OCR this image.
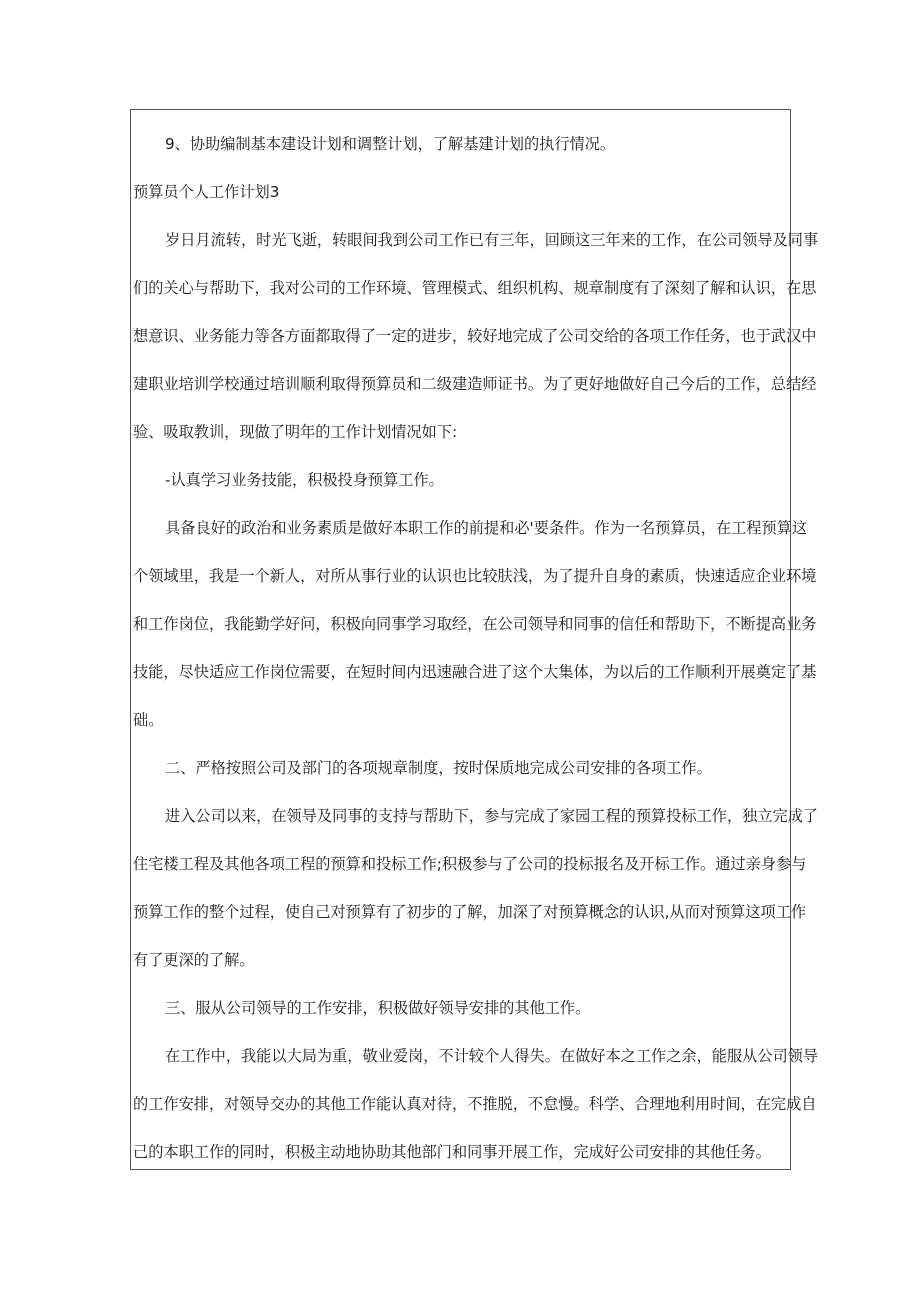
9、协助编制基本建设计划和调整计划，了解基建计划的执行情况。
预算员个人工作计划3
岁日月流转，时光飞逝，转眼间我到公司工作已有三年，回顾这三年来的工作，在公司领导及同事
们的关心与帮助下，我对公司的工作环境、管理模式、组织机构、规章制度有了深刻了解和认识，在思
想意识、业务能力等各方面都取得了一定的进步，较好地完成了公司交给的各项工作任务，也于武汉中
建职业培训学校通过培训顺利取得预算员和二级建造师证书。为了更好地做好自己今后的工作，总结经
验、吸取教训，现做了明年的工作计划情况如下:
-认真学习业务技能，积极投身预算工作。
具备良好的政治和业务素质是做好本职工作的前提和必'要条件。作为一名预算员，在工程预算这
个领域里，我是一个新人，对所从事行业的认识也比较肤浅，为了提升自身的素质，快速适应企业环境
和工作岗位，我能勤学好问，积极向同事学习取经，在公司领导和同事的信任和帮助下，不断提高业务
技能，尽快适应工作岗位需要，在短时间内迅速融合进了这个大集体，为以后的工作顺利开展奠定了基
础。
二、严格按照公司及部门的各项规章制度，按时保质地完成公司安排的各项工作。
进入公司以来，在领导及同事的支持与帮助下，参与完成了家园工程的预算投标工作，独立完成了
住宅楼工程及其他各项工程的预算和投标工作;积极参与了公司的投标报名及开标工作。通过亲身参与
预算工作的整个过程，使自己对预算有了初步的了解，加深了对预算概念的认识,从而对预算这项工作
有了更深的了解。
三、服从公司领导的工作安排，积极做好领导安排的其他工作。
在工作中，我能以大局为重，敬业爱岗，不计较个人得失。在做好本之工作之余，能服从公司领导
的工作安排，对领导交办的其他工作能认真对待，不推脱，不怠慢。科学、合理地利用时间，在完成自
己的本职工作的同时，积极主动地协助其他部门和同事开展工作，完成好公司安排的其他任务。
